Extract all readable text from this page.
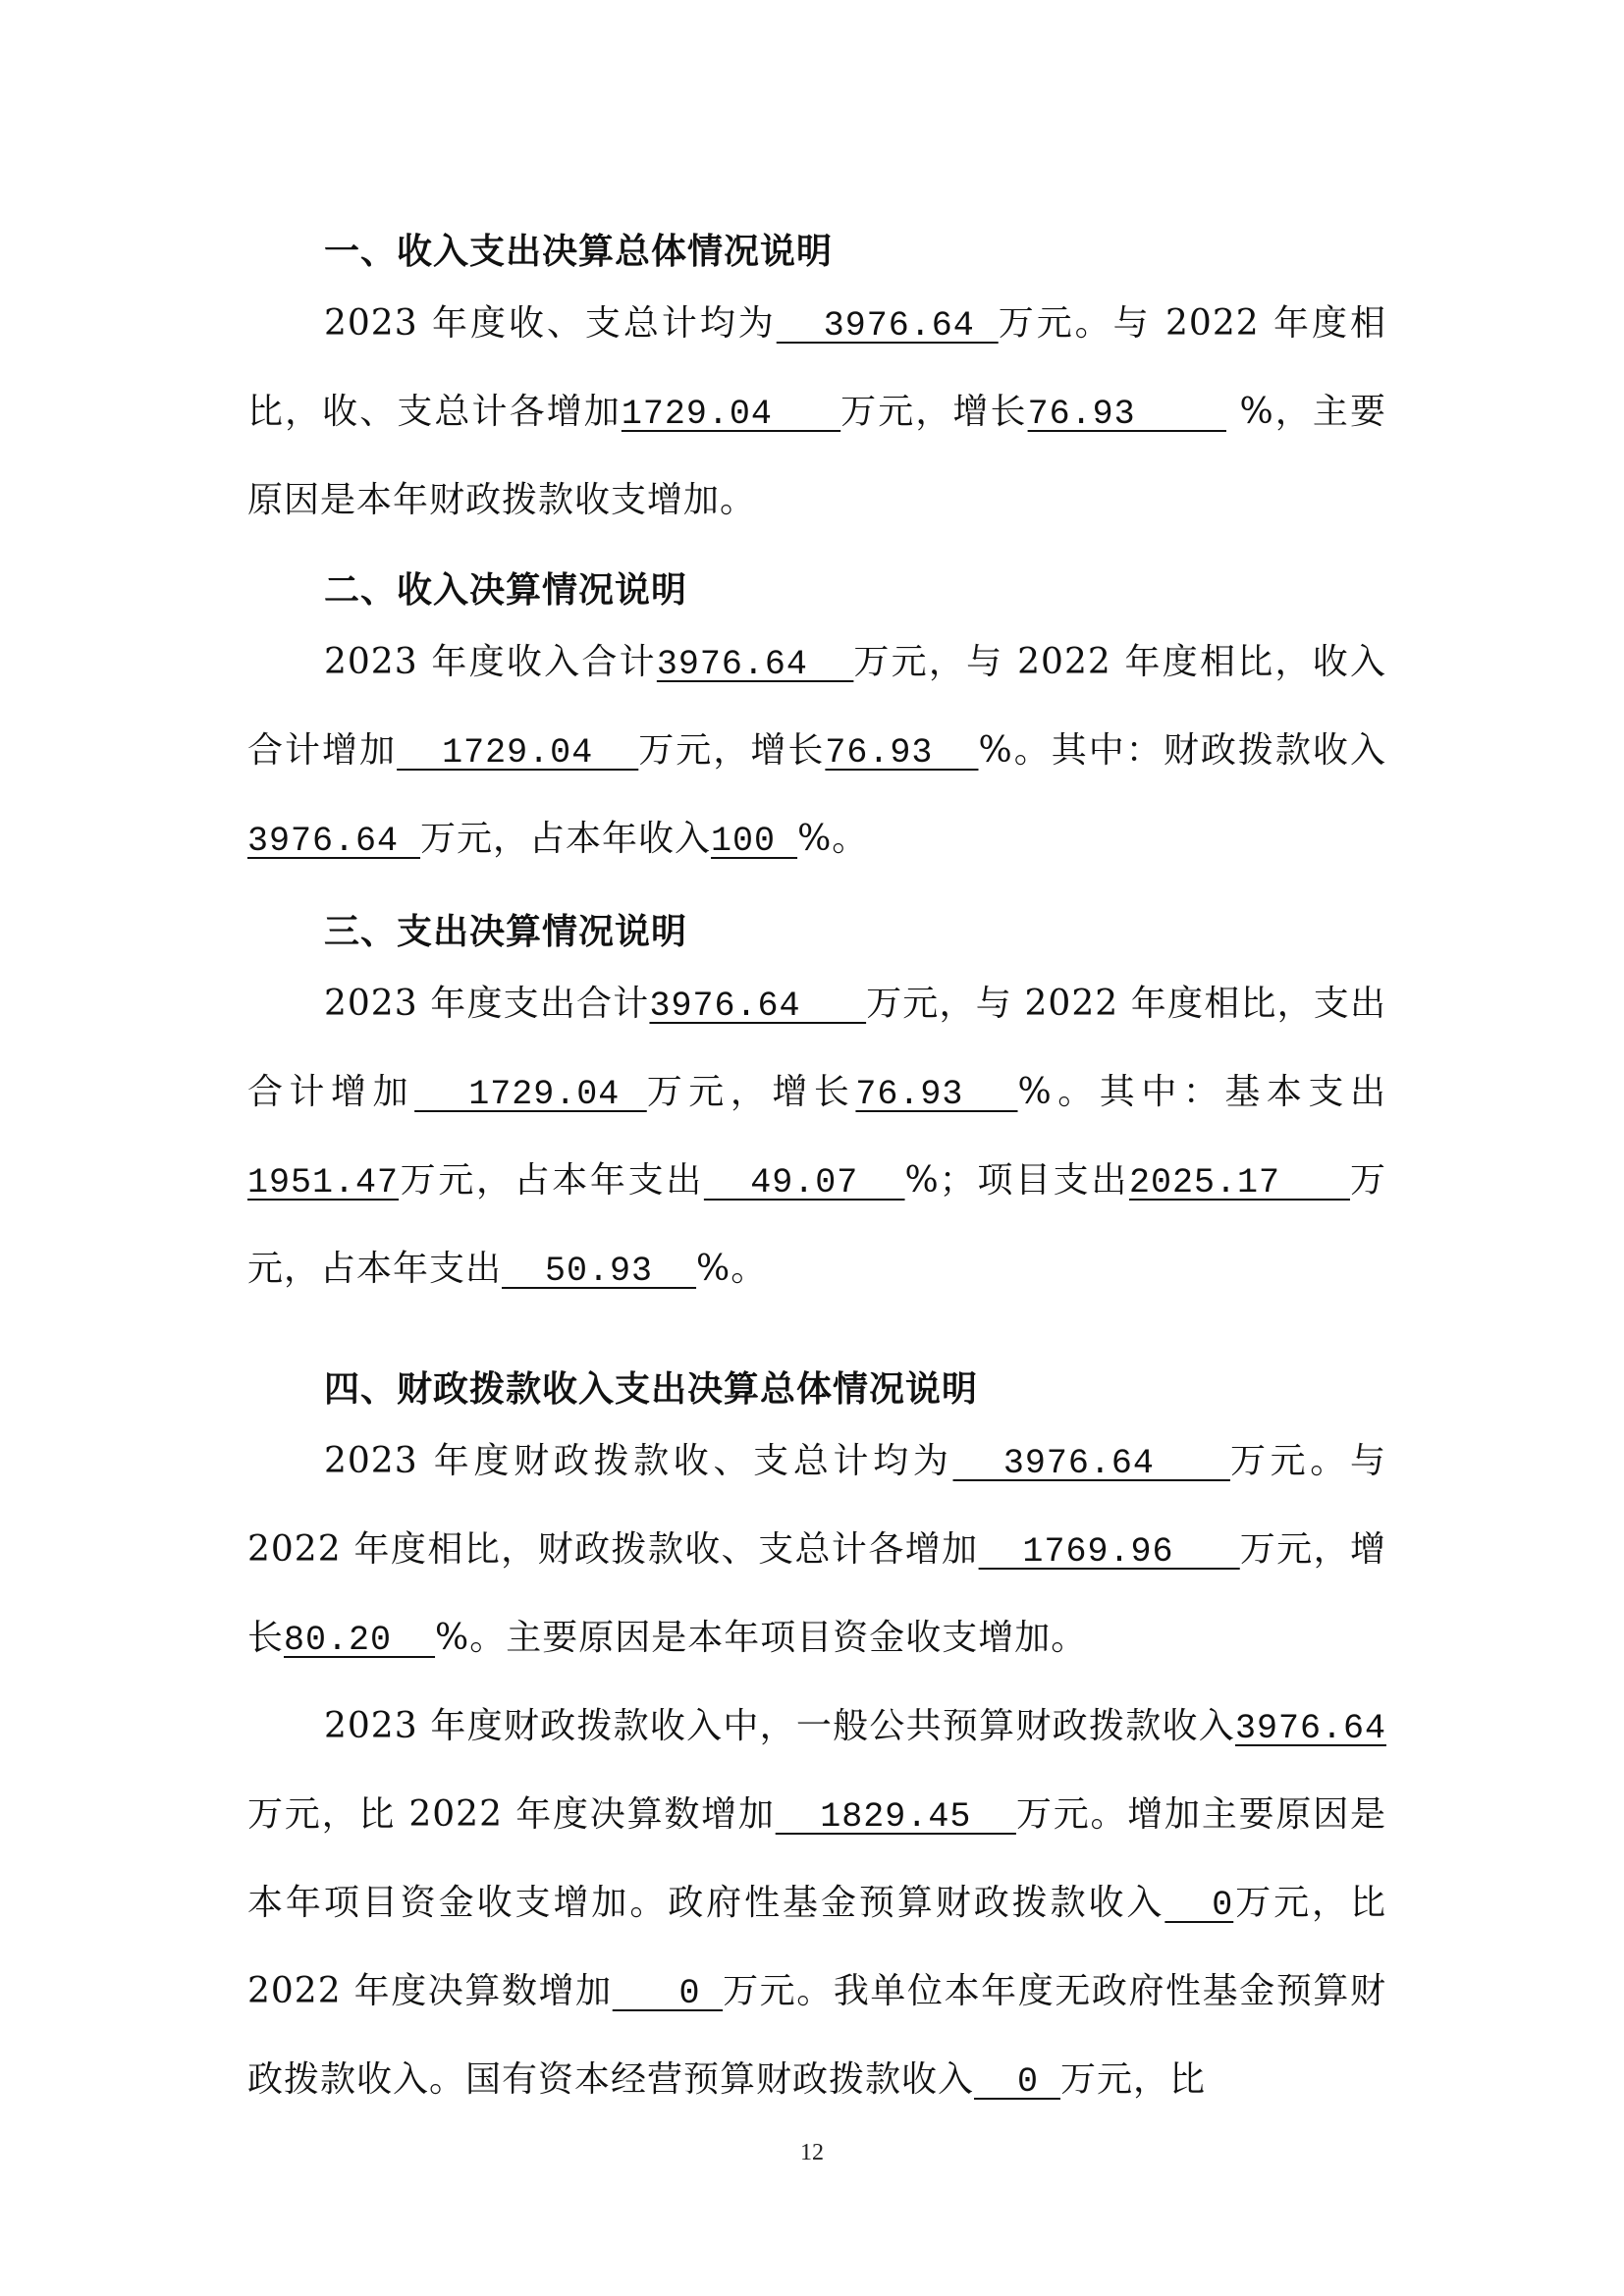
一、收入支出决算总体情况说明

2023 年度收、支总计均为  3976.64 万元。与 2022 年度相比，收、支总计各增加1729.04   万元，增长76.93     %，主要原因是本年财政拨款收支增加。

二、收入决算情况说明

2023 年度收入合计3976.64  万元，与 2022 年度相比，收入合计增加  1729.04  万元，增长76.93  %。其中：财政拨款收入3976.64 万元，占本年收入100 %。

三、支出决算情况说明

2023 年度支出合计3976.64   万元，与 2022 年度相比，支出合计增加  1729.04 万元，增长76.93  %。其中：基本支出1951.47万元，占本年支出  49.07  %；项目支出2025.17   万元，占本年支出  50.93  %。

四、财政拨款收入支出决算总体情况说明

2023 年度财政拨款收、支总计均为  3976.64   万元。与 2022 年度相比，财政拨款收、支总计各增加  1769.96   万元，增长80.20  %。主要原因是本年项目资金收支增加。

2023 年度财政拨款收入中，一般公共预算财政拨款收入3976.64万元，比 2022 年度决算数增加  1829.45  万元。增加主要原因是本年项目资金收支增加。政府性基金预算财政拨款收入  0万元，比 2022 年度决算数增加   0 万元。我单位本年度无政府性基金预算财政拨款收入。国有资本经营预算财政拨款收入  0 万元，比

12
